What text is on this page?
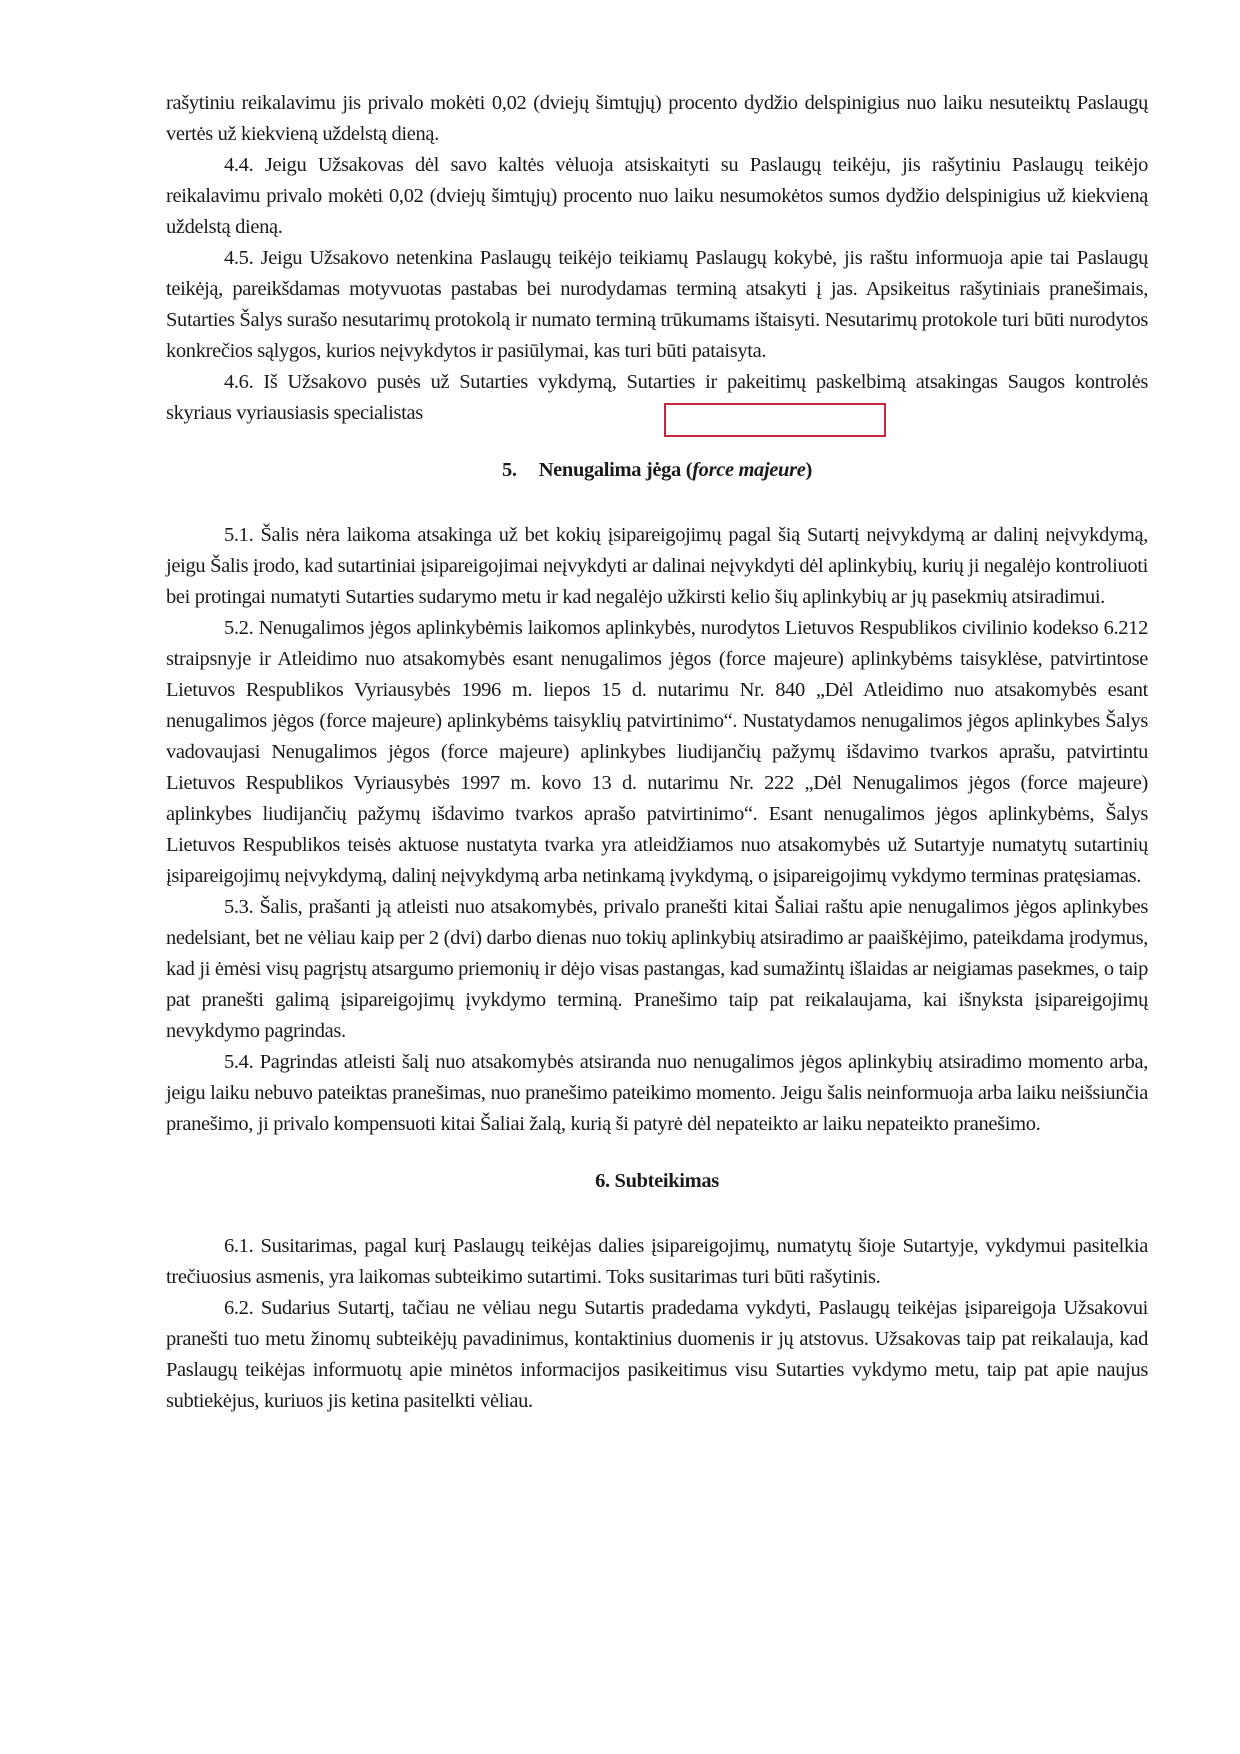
rašytiniu reikalavimu jis privalo mokėti 0,02 (dviejų šimtųjų) procento dydžio delspinigius nuo laiku nesuteiktų Paslaugų vertės už kiekvieną uždelstą dieną.

4.4. Jeigu Užsakovas dėl savo kaltės vėluoja atsiskaityti su Paslaugų teikėju, jis rašytiniu Paslaugų teikėjo reikalavimu privalo mokėti 0,02 (dviejų šimtųjų) procento nuo laiku nesumokėtos sumos dydžio delspinigius už kiekvieną uždelstą dieną.

4.5. Jeigu Užsakovo netenkina Paslaugų teikėjo teikiamų Paslaugų kokybė, jis raštu informuoja apie tai Paslaugų teikėją, pareikšdamas motyvuotas pastabas bei nurodydamas terminą atsakyti į jas. Apsikeitus rašytiniais pranešimais, Sutarties Šalys surašo nesutarimų protokolą ir numato terminą trūkumams ištaisyti. Nesutarimų protokole turi būti nurodytos konkrečios sąlygos, kurios neįvykdytos ir pasiūlymai, kas turi būti pataisyta.

4.6. Iš Užsakovo pusės už Sutarties vykdymą, Sutarties ir pakeitimų paskelbimą atsakingas Saugos kontrolės skyriaus vyriausiasis specialistas

5. Nenugalima jėga (force majeure)

5.1. Šalis nėra laikoma atsakinga už bet kokių įsipareigojimų pagal šią Sutartį neįvykdymą ar dalinį neįvykdymą, jeigu Šalis įrodo, kad sutartiniai įsipareigojimai neįvykdyti ar dalinai neįvykdyti dėl aplinkybių, kurių ji negalėjo kontroliuoti bei protingai numatyti Sutarties sudarymo metu ir kad negalėjo užkirsti kelio šių aplinkybių ar jų pasekmių atsiradimui.

5.2. Nenugalimos jėgos aplinkybėmis laikomos aplinkybės, nurodytos Lietuvos Respublikos civilinio kodekso 6.212 straipsnyje ir Atleidimo nuo atsakomybės esant nenugalimos jėgos (force majeure) aplinkybėms taisyklėse, patvirtintose Lietuvos Respublikos Vyriausybės 1996 m. liepos 15 d. nutarimu Nr. 840 „Dėl Atleidimo nuo atsakomybės esant nenugalimos jėgos (force majeure) aplinkybėms taisyklių patvirtinimo“. Nustatydamos nenugalimos jėgos aplinkybes Šalys vadovaujasi Nenugalimos jėgos (force majeure) aplinkybes liudijančių pažymų išdavimo tvarkos aprašu, patvirtintu Lietuvos Respublikos Vyriausybės 1997 m. kovo 13 d. nutarimu Nr. 222 „Dėl Nenugalimos jėgos (force majeure) aplinkybes liudijančių pažymų išdavimo tvarkos aprašo patvirtinimo“. Esant nenugalimos jėgos aplinkybėms, Šalys Lietuvos Respublikos teisės aktuose nustatyta tvarka yra atleidžiamos nuo atsakomybės už Sutartyje numatytų sutartinių įsipareigojimų neįvykdymą, dalinį neįvykdymą arba netinkamą įvykdymą, o įsipareigojimų vykdymo terminas pratęsiamas.

5.3. Šalis, prašanti ją atleisti nuo atsakomybės, privalo pranešti kitai Šaliai raštu apie nenugalimos jėgos aplinkybes nedelsiant, bet ne vėliau kaip per 2 (dvi) darbo dienas nuo tokių aplinkybių atsiradimo ar paaiškėjimo, pateikdama įrodymus, kad ji ėmėsi visų pagrįstų atsargumo priemonių ir dėjo visas pastangas, kad sumažintų išlaidas ar neigiamas pasekmes, o taip pat pranešti galimą įsipareigojimų įvykdymo terminą. Pranešimo taip pat reikalaujama, kai išnyksta įsipareigojimų nevykdymo pagrindas.

5.4. Pagrindas atleisti šalį nuo atsakomybės atsiranda nuo nenugalimos jėgos aplinkybių atsiradimo momento arba, jeigu laiku nebuvo pateiktas pranešimas, nuo pranešimo pateikimo momento. Jeigu šalis neinformuoja arba laiku neišsiunčia pranešimo, ji privalo kompensuoti kitai Šaliai žalą, kurią ši patyrė dėl nepateikto ar laiku nepateikto pranešimo.

6. Subteikimas

6.1. Susitarimas, pagal kurį Paslaugų teikėjas dalies įsipareigojimų, numatytų šioje Sutartyje, vykdymui pasitelkia trečiuosius asmenis, yra laikomas subteikimo sutartimi. Toks susitarimas turi būti rašytinis.

6.2. Sudarius Sutartį, tačiau ne vėliau negu Sutartis pradedama vykdyti, Paslaugų teikėjas įsipareigoja Užsakovui pranešti tuo metu žinomų subteikėjų pavadinimus, kontaktinius duomenis ir jų atstovus. Užsakovas taip pat reikalauja, kad Paslaugų teikėjas informuotų apie minėtos informacijos pasikeitimus visu Sutarties vykdymo metu, taip pat apie naujus subtiekėjus, kuriuos jis ketina pasitelkti vėliau.
